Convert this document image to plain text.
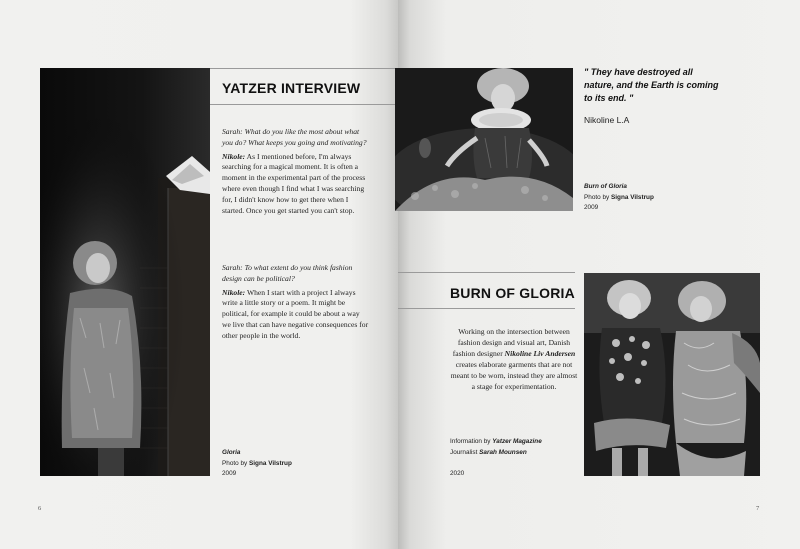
YATZER INTERVIEW

Sarah: What do you like the most about what you do? What keeps you going and motivating?

Nikole: As I mentioned before, I'm always searching for a magical moment. It is often a moment in the experimental part of the process where even though I find what I was searching for, I didn't know how to get there when I started. Once you get started you can't stop.

Sarah: To what extent do you think fashion design can be political?

Nikole: When I start with a project I always write a little story or a poem. It might be political, for example it could be about a way we live that can have negative consequences for other people in the world.

Gloria
Photo by Signa Vilstrup
2009
6
" They have destroyed all nature, and the Earth is coming to its end. "
Nikoline L.A
Burn of Gloria
Photo by Signa Vilstrup
2009
BURN OF GLORIA
Working on the intersection between fashion design and visual art, Danish fashion designer Nikoline Liv Andersen creates elaborate garments that are not meant to be worn, instead they are almost a stage for experimentation.
Information by Yatzer Magazine
Journalist Sarah Mounsen
2020
7
